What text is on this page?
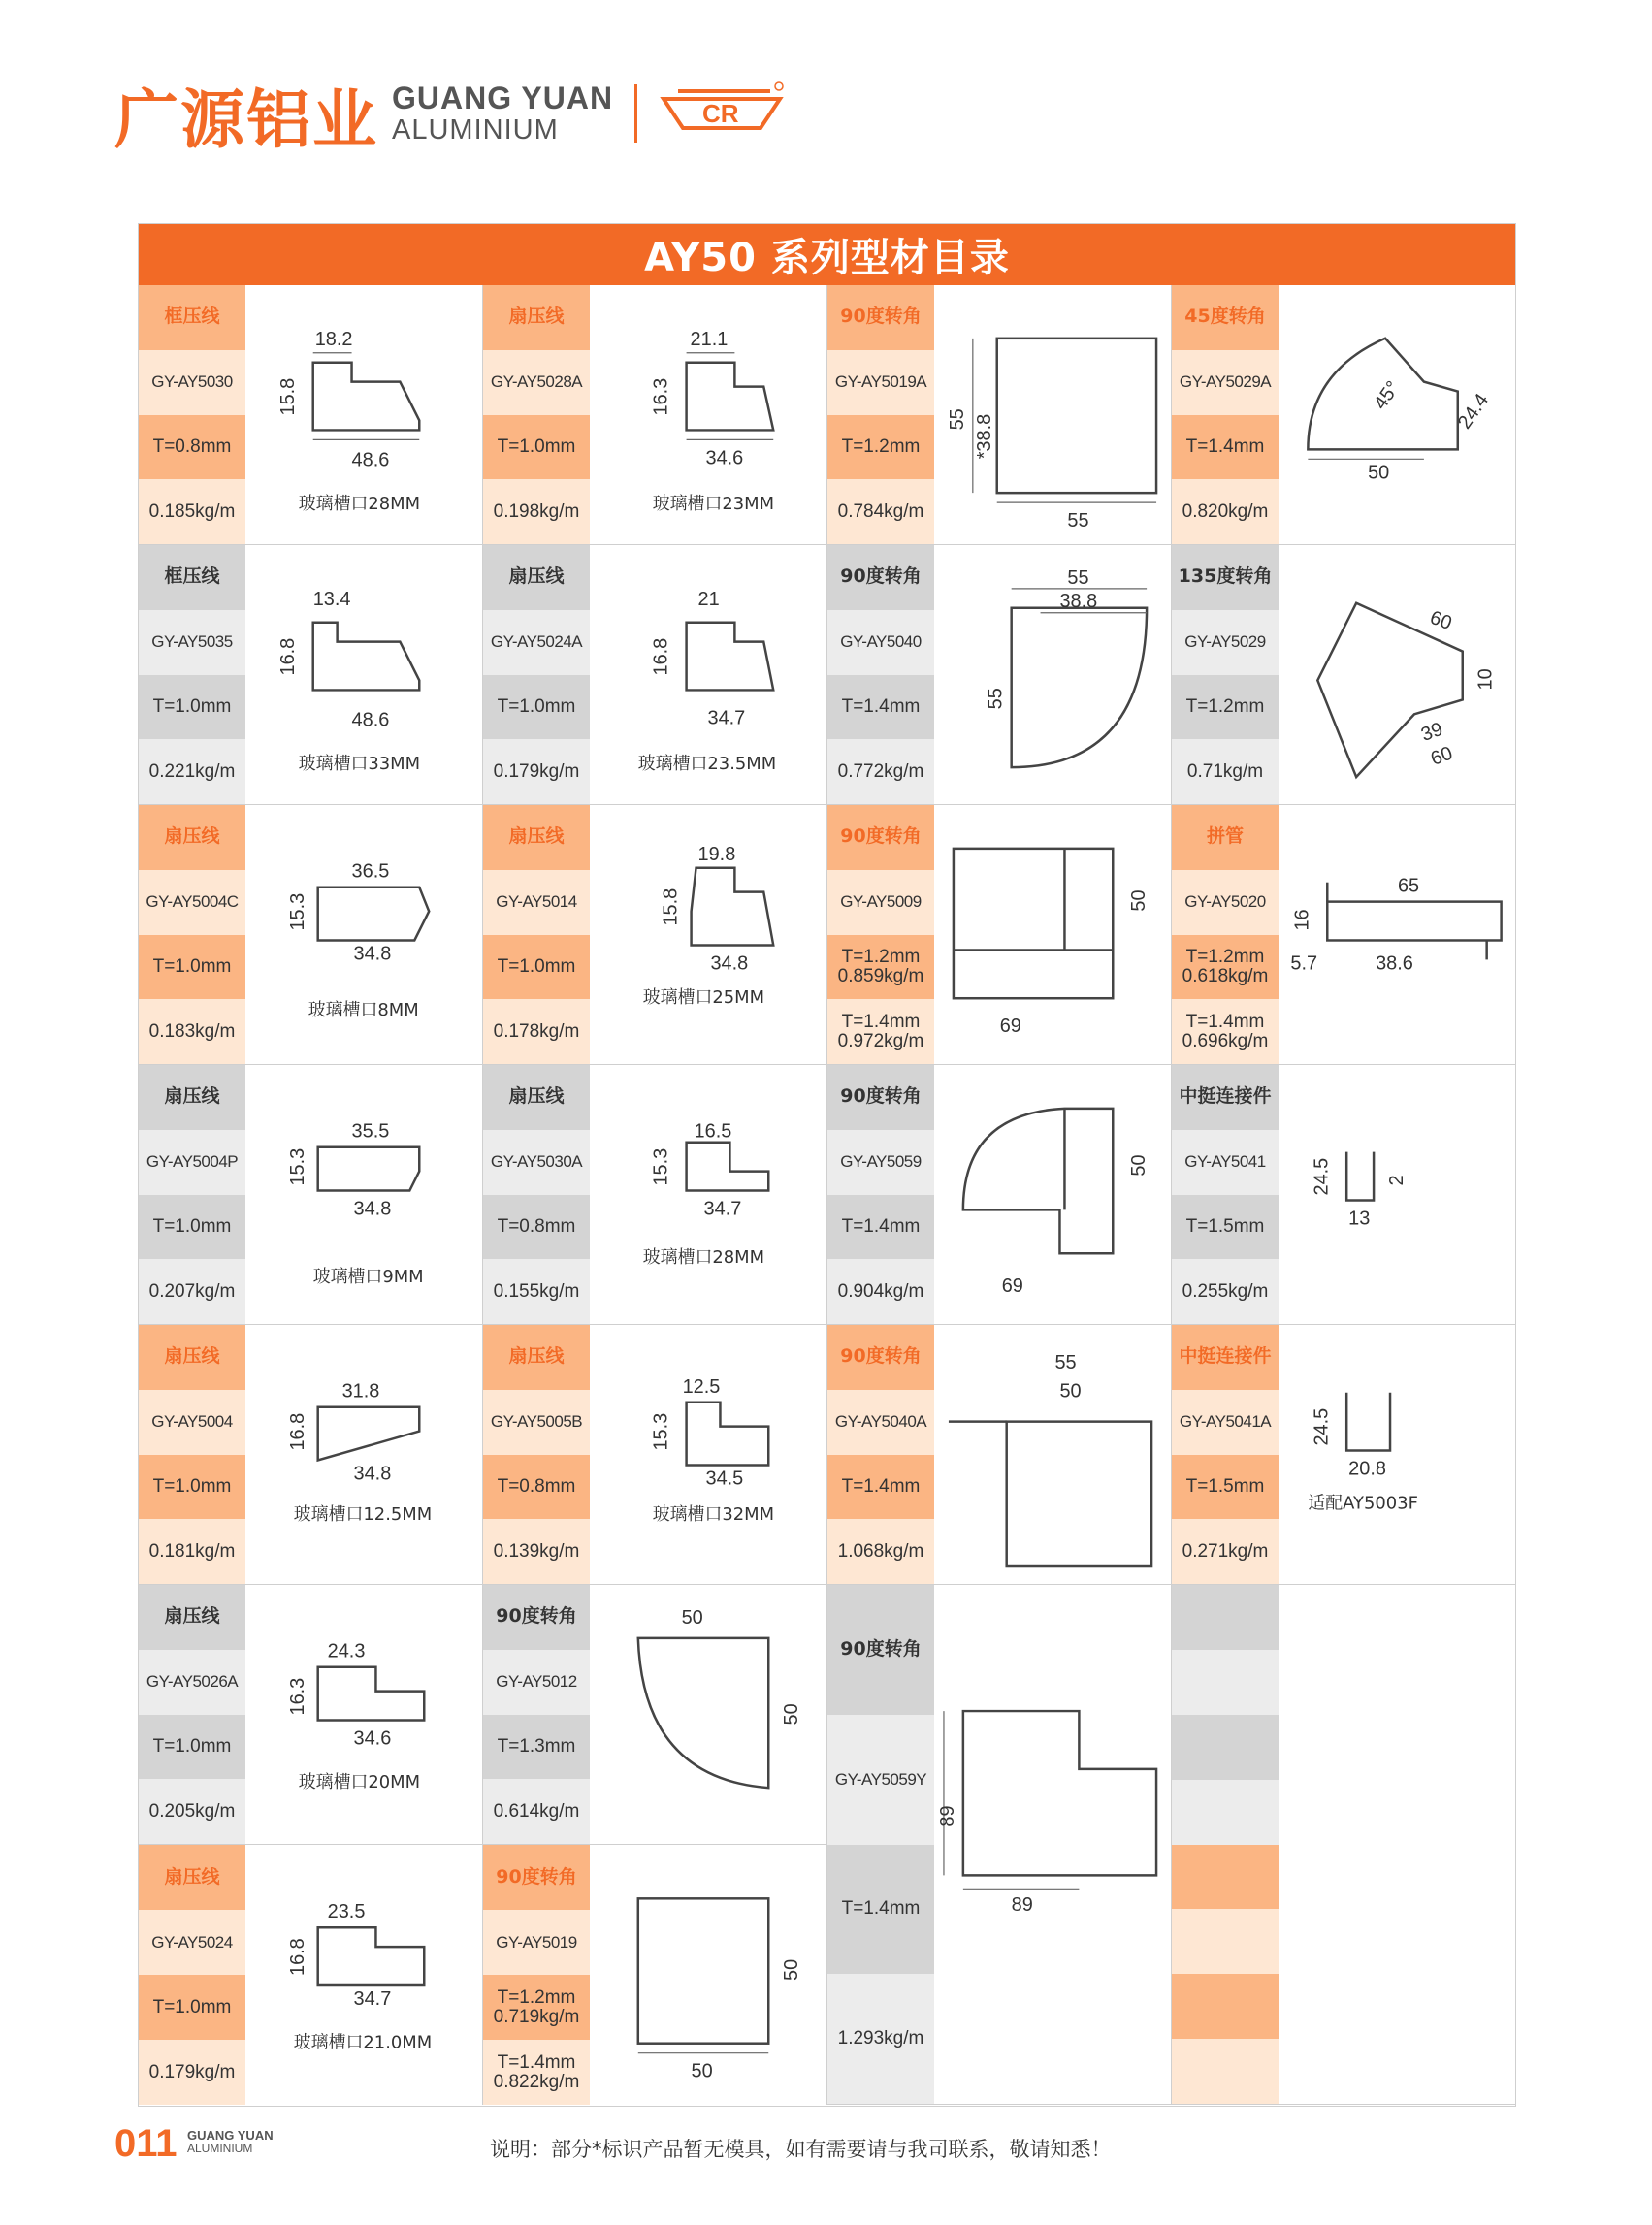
广源铝业 GUANG YUAN
ALUMINIUM
CR
AY50 系列型材目录
框压线
GY-AY5030
T=0.8mm
0.185kg/m
18.2
15.8
48.6
玻璃槽口28MM
扇压线
GY-AY5028A
T=1.0mm
0.198kg/m
21.1
16.3
34.6
玻璃槽口23MM
90度转角
GY-AY5019A
T=1.2mm
0.784kg/m
55 *38.8
55
45度转角
GY-AY5029A
T=1.4mm
0.820kg/m
45°	24.4
50
框压线
GY-AY5035
T=1.0mm
0.221kg/m
13.4
16.8
48.6
玻璃槽口33MM
扇压线
GY-AY5024A
T=1.0mm
0.179kg/m
21
16.8
34.7
玻璃槽口23.5MM
90度转角
GY-AY5040
T=1.4mm
0.772kg/m
55
38.8
55
135度转角
GY-AY5029
T=1.2mm
0.71kg/m
60
10
39
60
扇压线
GY-AY5004C
T=1.0mm
0.183kg/m
36.5
15.3
34.8
玻璃槽口8MM
扇压线
GY-AY5014
T=1.0mm
0.178kg/m
19.8
15.8
34.8
玻璃槽口25MM
90度转角
GY-AY5009
T=1.2mm
0.859kg/m
T=1.4mm
0.972kg/m
50
69
拼管
GY-AY5020
T=1.2mm
0.618kg/m
T=1.4mm
0.696kg/m
65
16
5.7	38.6
扇压线
GY-AY5004P
T=1.0mm
0.207kg/m
35.5
15.3
34.8
玻璃槽口9MM
扇压线
GY-AY5030A
T=0.8mm
0.155kg/m
16.5
15.3
34.7
玻璃槽口28MM
90度转角
GY-AY5059
T=1.4mm
0.904kg/m
50
69
中挺连接件
GY-AY5041
T=1.5mm
0.255kg/m
24.5	2
13
扇压线
GY-AY5004
T=1.0mm
0.181kg/m
31.8
16.8
34.8
玻璃槽口12.5MM
扇压线
GY-AY5005B
T=0.8mm
0.139kg/m
12.5
15.3
34.5
玻璃槽口32MM
90度转角
GY-AY5040A
T=1.4mm
1.068kg/m
55
50
中挺连接件
GY-AY5041A
T=1.5mm
0.271kg/m
24.5
20.8
适配AY5003F
扇压线
GY-AY5026A
T=1.0mm
0.205kg/m
24.3
16.3
34.6
玻璃槽口20MM
90度转角
GY-AY5012
T=1.3mm
0.614kg/m
50
50
90度转角
GY-AY5059Y
T=1.4mm
1.293kg/m
89
89
扇压线
GY-AY5024
T=1.0mm
0.179kg/m
23.5
16.8
34.7
玻璃槽口21.0MM
90度转角
GY-AY5019
T=1.2mm
0.719kg/m
T=1.4mm
0.822kg/m
50
50
011 GUANG YUAN
ALUMINIUM	说明：部分*标识产品暂无模具，如有需要请与我司联系，敬请知悉！
